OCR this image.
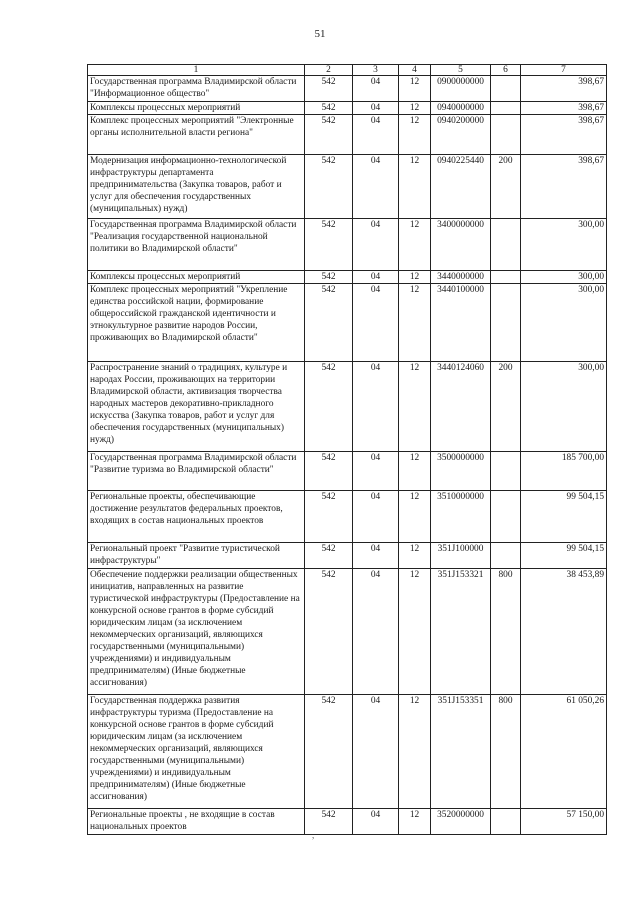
51
1	2	3	4	5	6	7
Государственная программа Владимирской области "Информационное общество"	542	04	12	0900000000		398,67
Комплексы процессных мероприятий	542	04	12	0940000000		398,67
Комплекс процессных мероприятий "Электронные органы исполнительной власти региона"	542	04	12	0940200000		398,67
Модернизация информационно-технологической инфраструктуры департамента предпринимательства (Закупка товаров, работ и услуг для обеспечения государственных (муниципальных) нужд)	542	04	12	0940225440	200	398,67
Государственная программа Владимирской области "Реализация государственной национальной политики во Владимирской области"	542	04	12	3400000000		300,00
Комплексы процессных мероприятий	542	04	12	3440000000		300,00
Комплекс процессных мероприятий "Укрепление единства российской нации, формирование общероссийской гражданской идентичности и этнокультурное развитие народов России, проживающих во Владимирской области"	542	04	12	3440100000		300,00
Распространение знаний о традициях, культуре и народах России, проживающих на территории Владимирской области, активизация творчества народных мастеров декоративно-прикладного искусства (Закупка товаров, работ и услуг для обеспечения государственных (муниципальных) нужд)	542	04	12	3440124060	200	300,00
Государственная программа Владимирской области "Развитие туризма во Владимирской области"	542	04	12	3500000000		185 700,00
Региональные проекты, обеспечивающие достижение результатов федеральных проектов, входящих в состав национальных проектов	542	04	12	3510000000		99 504,15
Региональный проект "Развитие туристической инфраструктуры"	542	04	12	351J100000		99 504,15
Обеспечение поддержки реализации общественных инициатив, направленных на развитие туристической инфраструктуры (Предоставление на конкурсной основе грантов в форме субсидий юридическим лицам (за исключением некоммерческих организаций, являющихся государственными (муниципальными) учреждениями) и индивидуальным предпринимателям) (Иные бюджетные ассигнования)	542	04	12	351J153321	800	38 453,89
Государственная поддержка развития инфраструктуры туризма (Предоставление на конкурсной основе грантов в форме субсидий юридическим лицам (за исключением некоммерческих организаций, являющихся государственными (муниципальными) учреждениями) и индивидуальным предпринимателям) (Иные бюджетные ассигнования)	542	04	12	351J153351	800	61 050,26
Региональные проекты , не входящие в состав национальных проектов	542	04	12	3520000000		57 150,00
,
